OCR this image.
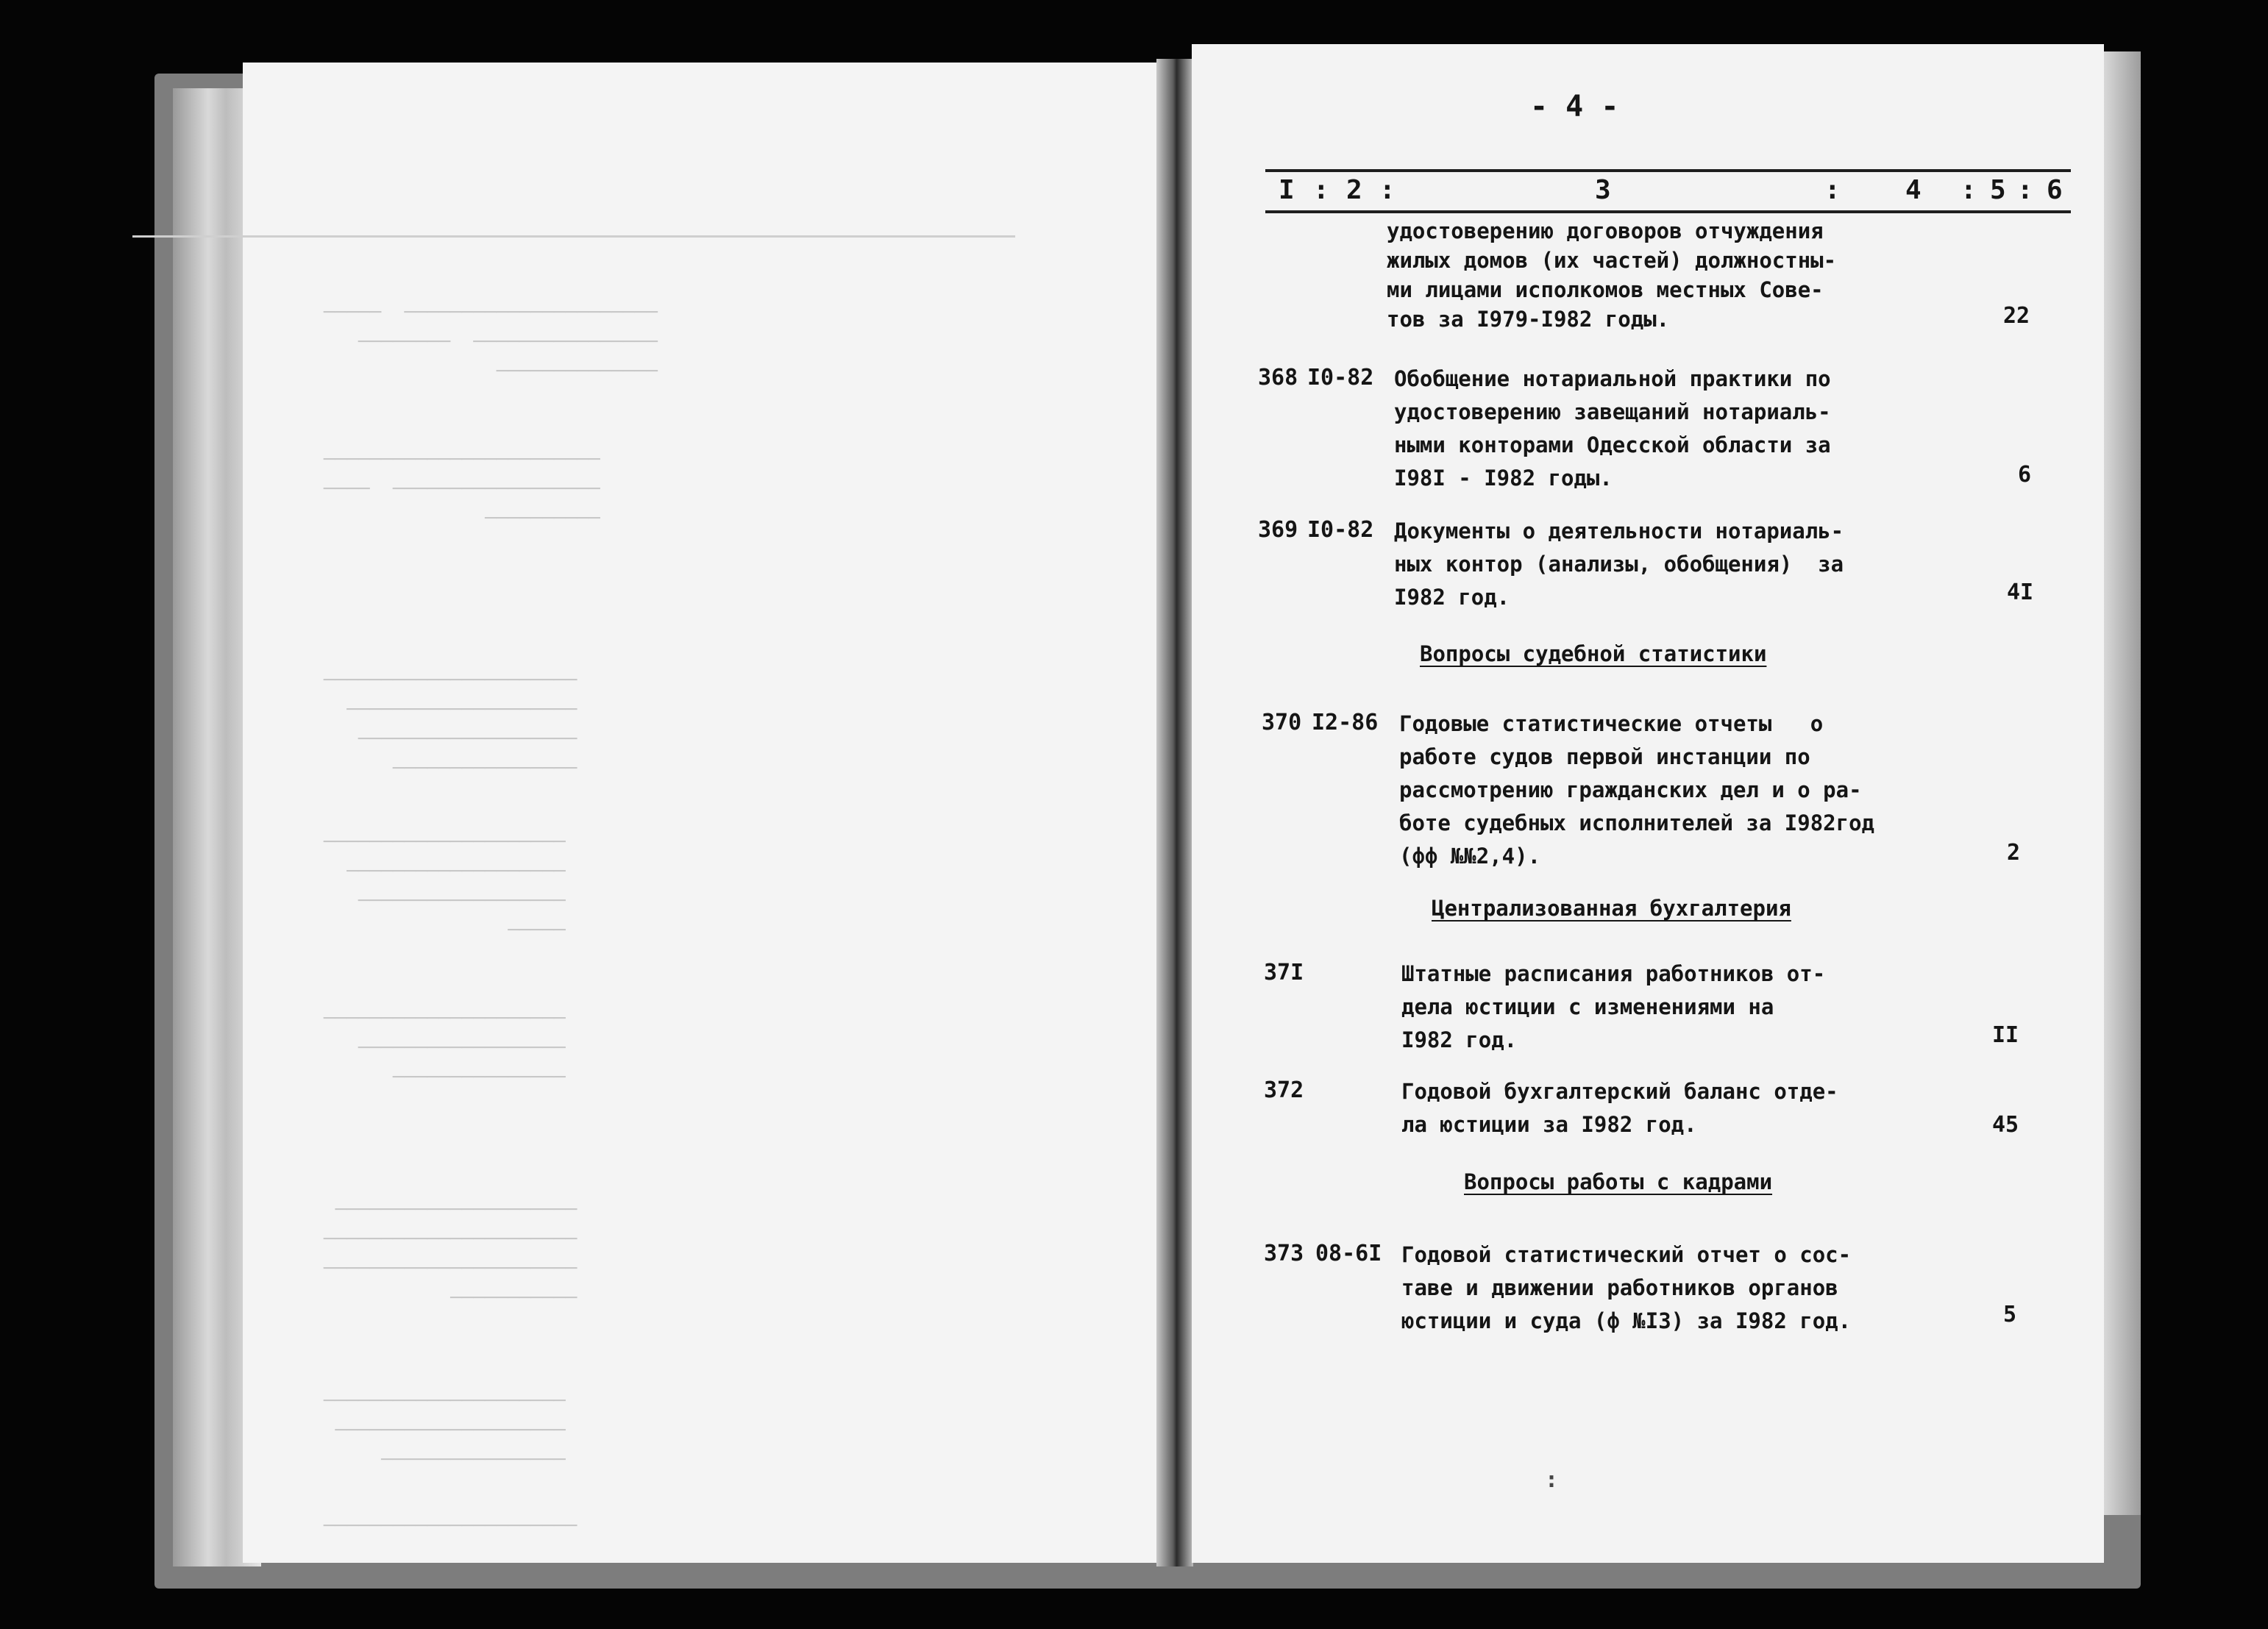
──────────────────────  ─────
────────────────  ────────
──────────────

────────────────────────
──────────────────  ────
──────────

──────────────────────
────────────────────
───────────────────
────────────────

─────────────────────
───────────────────
──────────────────
─────

─────────────────────
──────────────────
───────────────

─────────────────────
──────────────────────
──────────────────────
───────────

─────────────────────
────────────────────
────────────────

──────────────────────

- 4 -
I : 2 :	3	: 4 : 5 : 6
удостоверению договоров отчуждения
жилых домов (их частей) должностны-
ми лицами исполкомов местных Сове-
тов за I979-I982 годы.	22
368 I0-82 Обобщение нотариальной практики по
удостоверению завещаний нотариаль-
ными конторами Одесской области за
I98I - I982 годы.	6
369 I0-82 Документы о деятельности нотариаль-
ных контор (анализы, обобщения)  за
I982 год.	4I
Вопросы судебной статистики
370 I2-86 Годовые статистические отчеты   о
работе судов первой инстанции по
рассмотрению гражданских дел и о ра-
боте судебных исполнителей за I982год
(фф №№2,4).	2
Централизованная бухгалтерия
37I	Штатные расписания работников от-
дела юстиции с изменениями на
I982 год.	II
372	Годовой бухгалтерский баланс отде-
ла юстиции за I982 год.	45
Вопросы работы с кадрами
373 08-6I Годовой статистический отчет о сос-
таве и движении работников органов
юстиции и суда (ф №I3) за I982 год.	5
:
